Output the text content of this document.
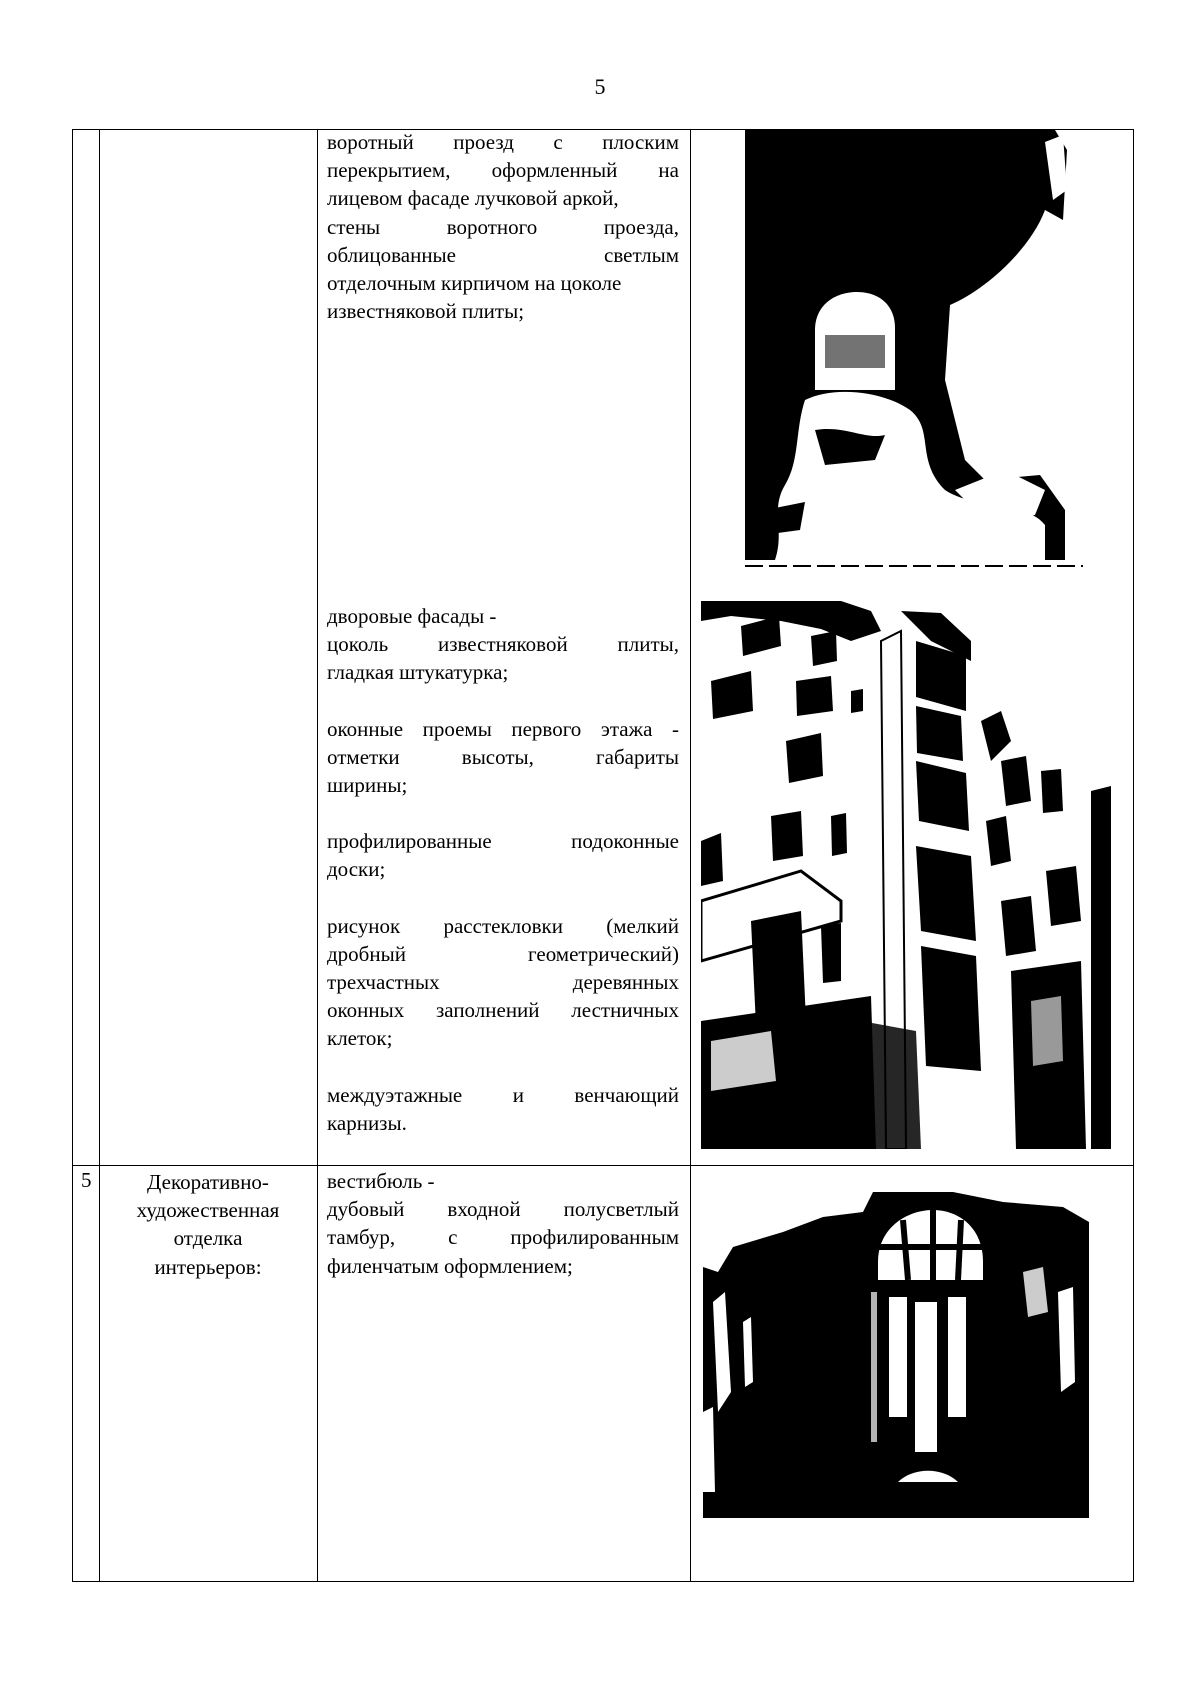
5

воротный проезд с плоским
перекрытием, оформленный на
лицевом фасаде лучковой аркой,
стены воротного проезда,
облицованные светлым
отделочным кирпичом на цоколе
известняковой плиты;

дворовые фасады -
цоколь известняковой плиты,
гладкая штукатурка;

оконные проемы первого этажа -
отметки высоты, габариты
ширины;

профилированные подоконные
доски;

рисунок расстекловки (мелкий
дробный геометрический)
трехчастных деревянных
оконных заполнений лестничных
клеток;

междуэтажные и венчающий
карнизы.

5	Декоративно-
художественная
отделка
интерьеров:

вестибюль -
дубовый входной полусветлый
тамбур, с профилированным
филенчатым оформлением;
